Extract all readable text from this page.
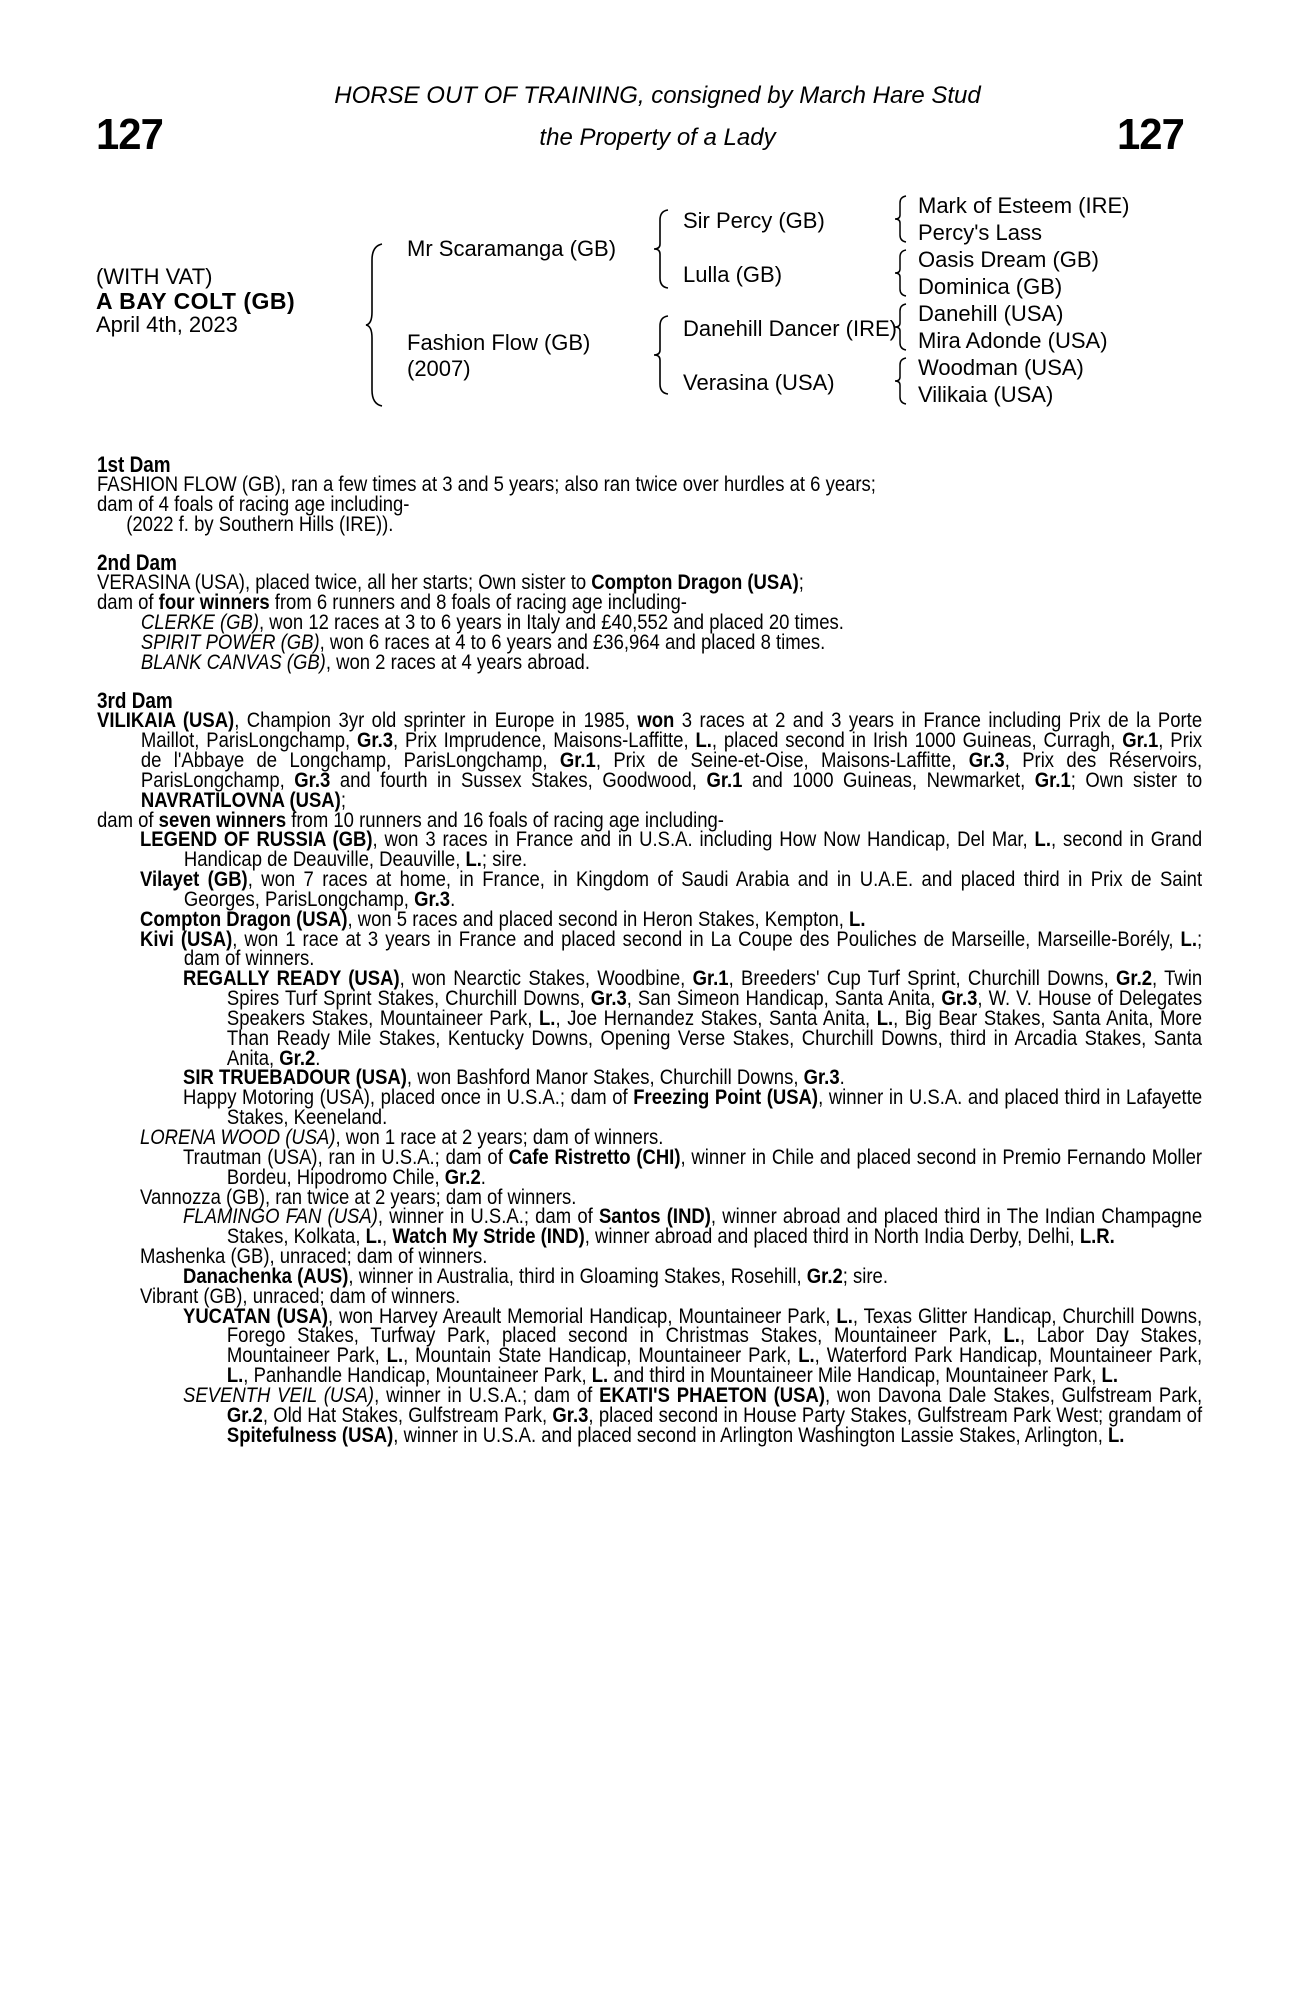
127	127
HORSE OUT OF TRAINING, consigned by March Hare Stud
the Property of a Lady
(WITH VAT)
A BAY COLT (GB)
April 4th, 2023
Mr Scaramanga (GB)
Fashion Flow (GB)
(2007)
Sir Percy (GB)
Lulla (GB)
Danehill Dancer (IRE)
Verasina (USA)
Mark of Esteem (IRE)
Percy's Lass
Oasis Dream (GB)
Dominica (GB)
Danehill (USA)
Mira Adonde (USA)
Woodman (USA)
Vilikaia (USA)

1st Dam

FASHION FLOW (GB), ran a few times at 3 and 5 years; also ran twice over hurdles at 6 years;

dam of 4 foals of racing age including-

(2022 f. by Southern Hills (IRE)).

2nd Dam

VERASINA (USA), placed twice, all her starts; Own sister to Compton Dragon (USA);

dam of four winners from 6 runners and 8 foals of racing age including-

CLERKE (GB), won 12 races at 3 to 6 years in Italy and £40,552 and placed 20 times.

SPIRIT POWER (GB), won 6 races at 4 to 6 years and £36,964 and placed 8 times.

BLANK CANVAS (GB), won 2 races at 4 years abroad.

3rd Dam

VILIKAIA (USA), Champion 3yr old sprinter in Europe in 1985, won 3 races at 2 and 3 years in France including Prix de la Porte Maillot, ParisLongchamp, Gr.3, Prix Imprudence, Maisons-Laffitte, L., placed second in Irish 1000 Guineas, Curragh, Gr.1, Prix de l'Abbaye de Longchamp, ParisLongchamp, Gr.1, Prix de Seine-et-Oise, Maisons-Laffitte, Gr.3, Prix des Réservoirs, ParisLongchamp, Gr.3 and fourth in Sussex Stakes, Goodwood, Gr.1 and 1000 Guineas, Newmarket, Gr.1; Own sister to NAVRATILOVNA (USA);

dam of seven winners from 10 runners and 16 foals of racing age including-

LEGEND OF RUSSIA (GB), won 3 races in France and in U.S.A. including How Now Handicap, Del Mar, L., second in Grand Handicap de Deauville, Deauville, L.; sire.

Vilayet (GB), won 7 races at home, in France, in Kingdom of Saudi Arabia and in U.A.E. and placed third in Prix de Saint Georges, ParisLongchamp, Gr.3.

Compton Dragon (USA), won 5 races and placed second in Heron Stakes, Kempton, L.

Kivi (USA), won 1 race at 3 years in France and placed second in La Coupe des Pouliches de Marseille, Marseille-Borély, L.; dam of winners.

REGALLY READY (USA), won Nearctic Stakes, Woodbine, Gr.1, Breeders' Cup Turf Sprint, Churchill Downs, Gr.2, Twin Spires Turf Sprint Stakes, Churchill Downs, Gr.3, San Simeon Handicap, Santa Anita, Gr.3, W. V. House of Delegates Speakers Stakes, Mountaineer Park, L., Joe Hernandez Stakes, Santa Anita, L., Big Bear Stakes, Santa Anita, More Than Ready Mile Stakes, Kentucky Downs, Opening Verse Stakes, Churchill Downs, third in Arcadia Stakes, Santa Anita, Gr.2.

SIR TRUEBADOUR (USA), won Bashford Manor Stakes, Churchill Downs, Gr.3.

Happy Motoring (USA), placed once in U.S.A.; dam of Freezing Point (USA), winner in U.S.A. and placed third in Lafayette Stakes, Keeneland.

LORENA WOOD (USA), won 1 race at 2 years; dam of winners.

Trautman (USA), ran in U.S.A.; dam of Cafe Ristretto (CHI), winner in Chile and placed second in Premio Fernando Moller Bordeu, Hipodromo Chile, Gr.2.

Vannozza (GB), ran twice at 2 years; dam of winners.

FLAMINGO FAN (USA), winner in U.S.A.; dam of Santos (IND), winner abroad and placed third in The Indian Champagne Stakes, Kolkata, L., Watch My Stride (IND), winner abroad and placed third in North India Derby, Delhi, L.R.

Mashenka (GB), unraced; dam of winners.

Danachenka (AUS), winner in Australia, third in Gloaming Stakes, Rosehill, Gr.2; sire.

Vibrant (GB), unraced; dam of winners.

YUCATAN (USA), won Harvey Areault Memorial Handicap, Mountaineer Park, L., Texas Glitter Handicap, Churchill Downs, Forego Stakes, Turfway Park, placed second in Christmas Stakes, Mountaineer Park, L., Labor Day Stakes, Mountaineer Park, L., Mountain State Handicap, Mountaineer Park, L., Waterford Park Handicap, Mountaineer Park, L., Panhandle Handicap, Mountaineer Park, L. and third in Mountaineer Mile Handicap, Mountaineer Park, L.

SEVENTH VEIL (USA), winner in U.S.A.; dam of EKATI'S PHAETON (USA), won Davona Dale Stakes, Gulfstream Park, Gr.2, Old Hat Stakes, Gulfstream Park, Gr.3, placed second in House Party Stakes, Gulfstream Park West; grandam of Spitefulness (USA), winner in U.S.A. and placed second in Arlington Washington Lassie Stakes, Arlington, L.
